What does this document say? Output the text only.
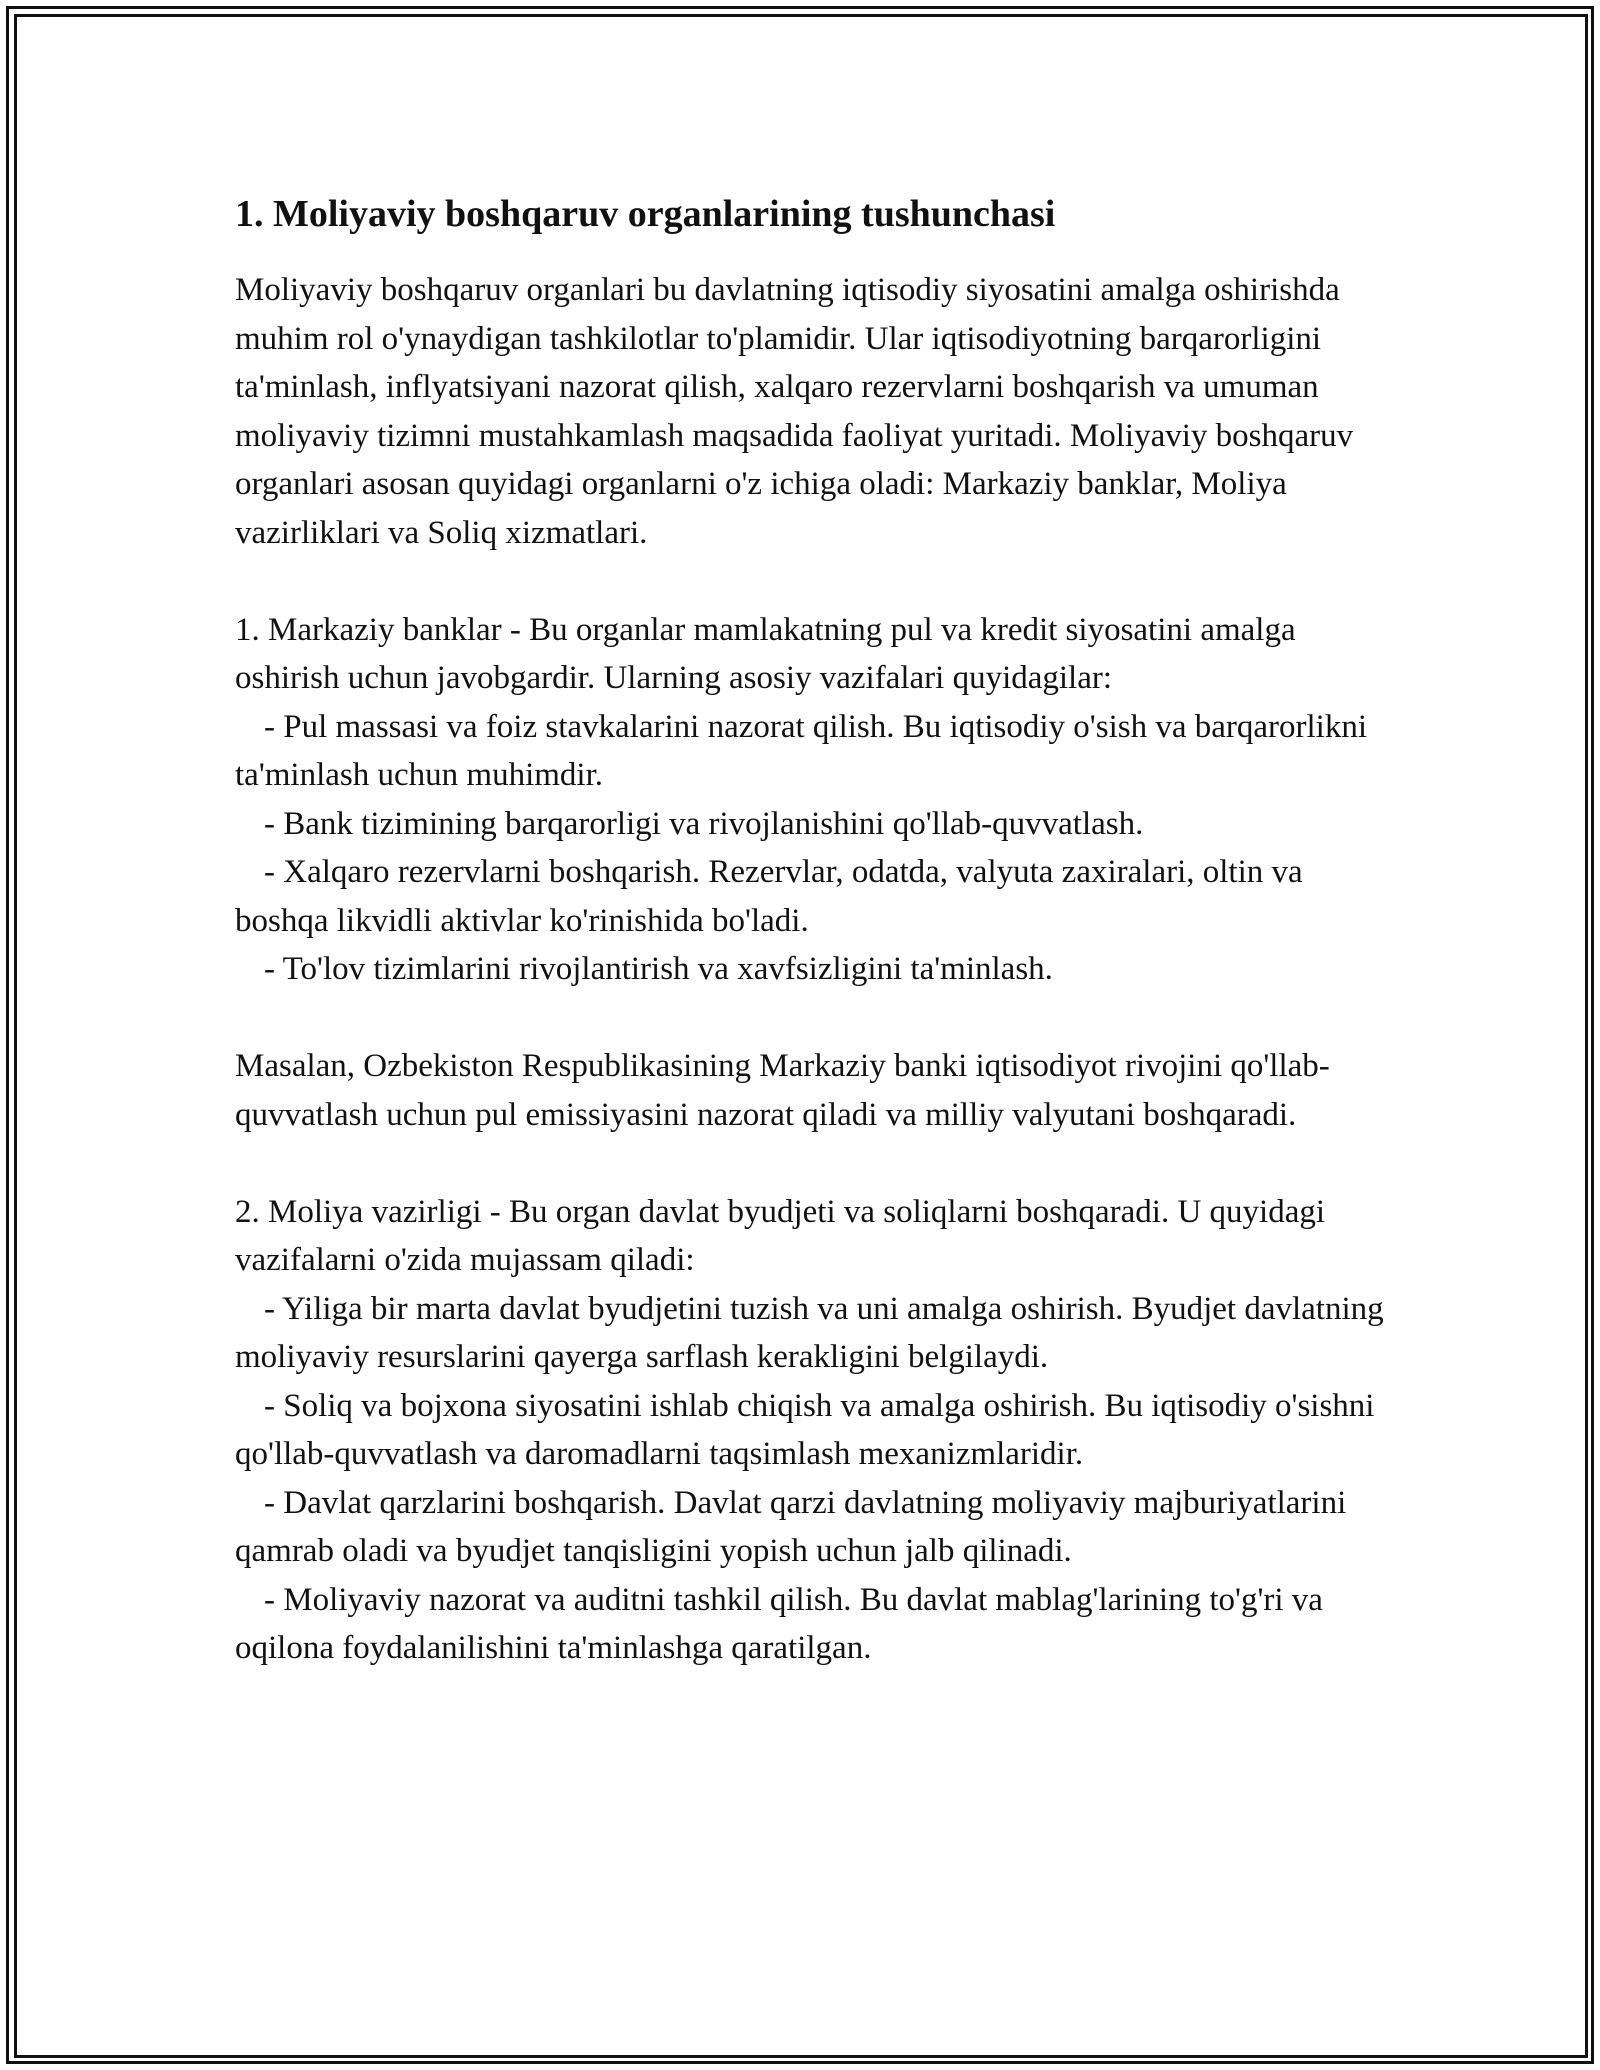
1. Moliyaviy boshqaruv organlarining tushunchasi

Moliyaviy boshqaruv organlari bu davlatning iqtisodiy siyosatini amalga oshirishda muhim rol o'ynaydigan tashkilotlar to'plamidir. Ular iqtisodiyotning barqarorligini ta'minlash, inflyatsiyani nazorat qilish, xalqaro rezervlarni boshqarish va umuman moliyaviy tizimni mustahkamlash maqsadida faoliyat yuritadi. Moliyaviy boshqaruv organlari asosan quyidagi organlarni o'z ichiga oladi: Markaziy banklar, Moliya vazirliklari va Soliq xizmatlari.

1. Markaziy banklar - Bu organlar mamlakatning pul va kredit siyosatini amalga oshirish uchun javobgardir. Ularning asosiy vazifalari quyidagilar:

- Pul massasi va foiz stavkalarini nazorat qilish. Bu iqtisodiy o'sish va barqarorlikni ta'minlash uchun muhimdir.

- Bank tizimining barqarorligi va rivojlanishini qo'llab-quvvatlash.

- Xalqaro rezervlarni boshqarish. Rezervlar, odatda, valyuta zaxiralari, oltin va boshqa likvidli aktivlar ko'rinishida bo'ladi.

- To'lov tizimlarini rivojlantirish va xavfsizligini ta'minlash.

Masalan, Ozbekiston Respublikasining Markaziy banki iqtisodiyot rivojini qo'llab-quvvatlash uchun pul emissiyasini nazorat qiladi va milliy valyutani boshqaradi.

2. Moliya vazirligi - Bu organ davlat byudjeti va soliqlarni boshqaradi. U quyidagi vazifalarni o'zida mujassam qiladi:

- Yiliga bir marta davlat byudjetini tuzish va uni amalga oshirish. Byudjet davlatning moliyaviy resurslarini qayerga sarflash kerakligini belgilaydi.

- Soliq va bojxona siyosatini ishlab chiqish va amalga oshirish. Bu iqtisodiy o'sishni qo'llab-quvvatlash va daromadlarni taqsimlash mexanizmlaridir.

- Davlat qarzlarini boshqarish. Davlat qarzi davlatning moliyaviy majburiyatlarini qamrab oladi va byudjet tanqisligini yopish uchun jalb qilinadi.

- Moliyaviy nazorat va auditni tashkil qilish. Bu davlat mablag'larining to'g'ri va oqilona foydalanilishini ta'minlashga qaratilgan.
